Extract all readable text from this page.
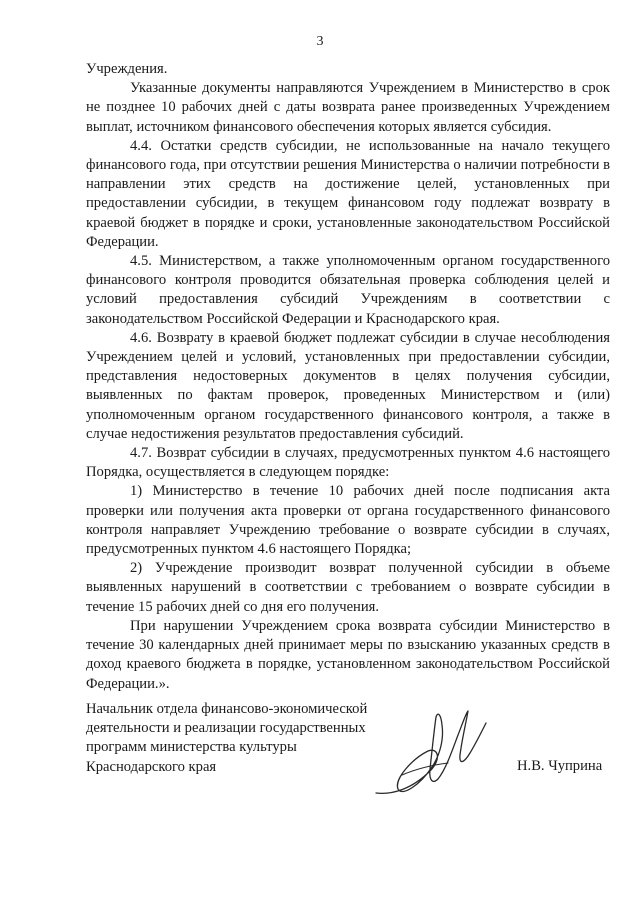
3

Учреждения.

Указанные документы направляются Учреждением в Министерство в срок не позднее 10 рабочих дней с даты возврата ранее произведенных Учреждением выплат, источником финансового обеспечения которых является субсидия.

4.4. Остатки средств субсидии, не использованные на начало текущего финансового года, при отсутствии решения Министерства о наличии потребности в направлении этих средств на достижение целей, установленных при предоставлении субсидии, в текущем финансовом году подлежат возврату в краевой бюджет в порядке и сроки, установленные законодательством Российской Федерации.

4.5. Министерством, а также уполномоченным органом государственного финансового контроля проводится обязательная проверка соблюдения целей и условий предоставления субсидий Учреждениям в соответствии с законодательством Российской Федерации и Краснодарского края.

4.6. Возврату в краевой бюджет подлежат субсидии в случае несоблюдения Учреждением целей и условий, установленных при предоставлении субсидии, представления недостоверных документов в целях получения субсидии, выявленных по фактам проверок, проведенных Министерством и (или) уполномоченным органом государственного финансового контроля, а также в случае недостижения результатов предоставления субсидий.

4.7. Возврат субсидии в случаях, предусмотренных пунктом 4.6 настоящего Порядка, осуществляется в следующем порядке:

1) Министерство в течение 10 рабочих дней после подписания акта проверки или получения акта проверки от органа государственного финансового контроля направляет Учреждению требование о возврате субсидии в случаях, предусмотренных пунктом 4.6 настоящего Порядка;

2) Учреждение производит возврат полученной субсидии в объеме выявленных нарушений в соответствии с требованием о возврате субсидии в течение 15 рабочих дней со дня его получения.

При нарушении Учреждением срока возврата субсидии Министерство в течение 30 календарных дней принимает меры по взысканию указанных средств в доход краевого бюджета в порядке, установленном законодательством Российской Федерации.».

Начальник отдела финансово-экономической
деятельности и реализации государственных
программ министерства культуры
Краснодарского края	Н.В. Чуприна
